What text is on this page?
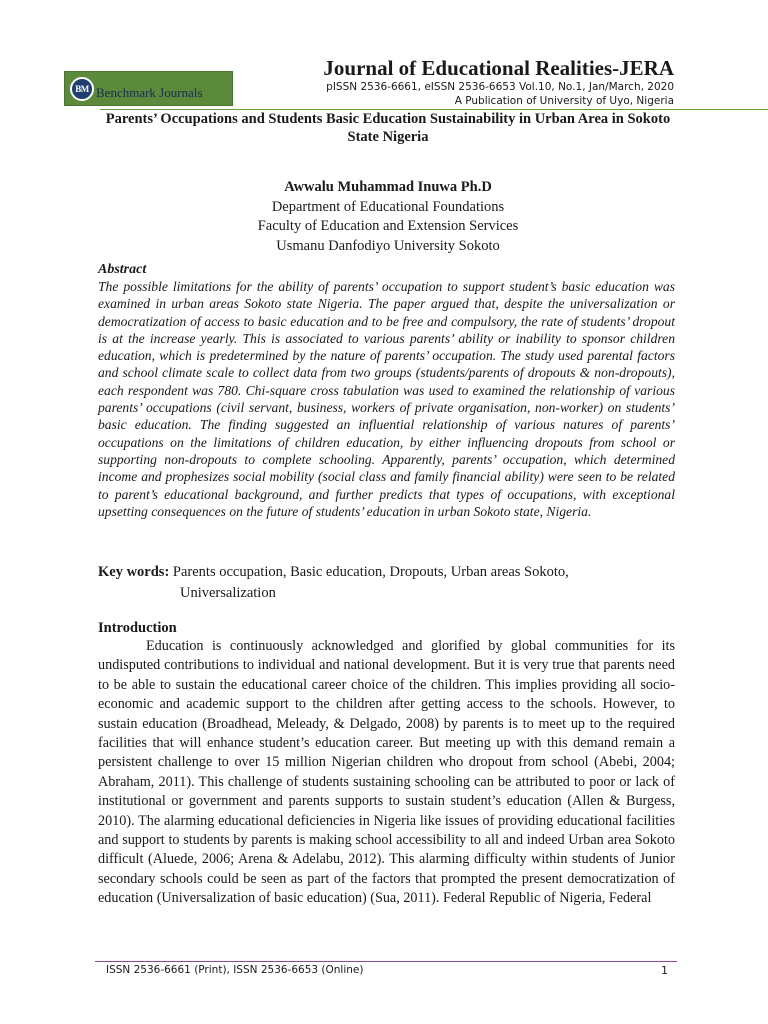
BM Benchmark Journals
Journal of Educational Realities-JERA
pISSN 2536-6661, eISSN 2536-6653 Vol.10, No.1, Jan/March, 2020
A Publication of University of Uyo, Nigeria
Parents’ Occupations and Students Basic Education Sustainability in Urban Area in Sokoto State Nigeria
Awwalu Muhammad Inuwa Ph.D
Department of Educational Foundations
Faculty of Education and Extension Services
Usmanu Danfodiyo University Sokoto
Abstract

The possible limitations for the ability of parents’ occupation to support student’s basic education was examined in urban areas Sokoto state Nigeria. The paper argued that, despite the universalization or democratization of access to basic education and to be free and compulsory, the rate of students’ dropout is at the increase yearly. This is associated to various parents’ ability or inability to sponsor children education, which is predetermined by the nature of parents’ occupation. The study used parental factors and school climate scale to collect data from two groups (students/parents of dropouts & non-dropouts), each respondent was 780. Chi-square cross tabulation was used to examined the relationship of various parents’ occupations (civil servant, business, workers of private organisation, non-worker) on students’ basic education. The finding suggested an influential relationship of various natures of parents’ occupations on the limitations of children education, by either influencing dropouts from school or supporting non-dropouts to complete schooling. Apparently, parents’ occupation, which determined income and prophesizes social mobility (social class and family financial ability) were seen to be related to parent’s educational background, and further predicts that types of occupations, with exceptional upsetting consequences on the future of students’ education in urban Sokoto state, Nigeria.

Key words: Parents occupation, Basic education, Dropouts, Urban areas Sokoto,
Universalization
Introduction

Education is continuously acknowledged and glorified by global communities for its undisputed contributions to individual and national development. But it is very true that parents need to be able to sustain the educational career choice of the children. This implies providing all socio-economic and academic support to the children after getting access to the schools. However, to sustain education (Broadhead, Meleady, & Delgado, 2008) by parents is to meet up to the required facilities that will enhance student’s education career. But meeting up with this demand remain a persistent challenge to over 15 million Nigerian children who dropout from school (Abebi, 2004; Abraham, 2011). This challenge of students sustaining schooling can be attributed to poor or lack of institutional or government and parents supports to sustain student’s education (Allen & Burgess, 2010). The alarming educational deficiencies in Nigeria like issues of providing educational facilities and support to students by parents is making school accessibility to all and indeed Urban area Sokoto difficult (Aluede, 2006; Arena & Adelabu, 2012). This alarming difficulty within students of Junior secondary schools could be seen as part of the factors that prompted the present democratization of education (Universalization of basic education) (Sua, 2011). Federal Republic of Nigeria, Federal

ISSN 2536-6661 (Print), ISSN 2536-6653 (Online)	1
